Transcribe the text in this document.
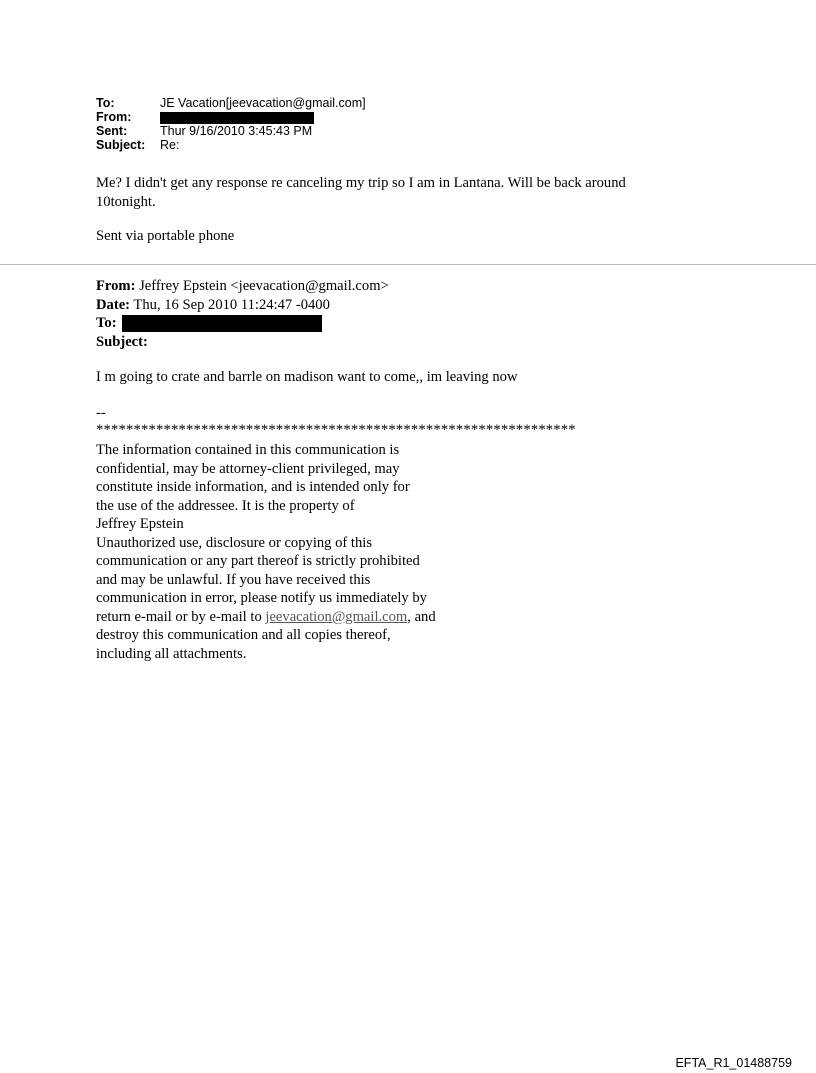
To:	JE Vacation[jeevacation@gmail.com]
From:
Sent:	Thur 9/16/2010 3:45:43 PM
Subject:	Re:
Me? I didn't get any response re canceling my trip so I am in Lantana. Will be back around
10tonight.
Sent via portable phone
From: Jeffrey Epstein <jeevacation@gmail.com>
Date: Thu, 16 Sep 2010 11:24:47 -0400
To:
Subject:
I m going to crate and barrle on madison want to come,, im leaving now
--
****************************************************************
The information contained in this communication is
confidential, may be attorney-client privileged, may
constitute inside information, and is intended only for
the use of the addressee. It is the property of
Jeffrey Epstein
Unauthorized use, disclosure or copying of this
communication or any part thereof is strictly prohibited
and may be unlawful. If you have received this
communication in error, please notify us immediately by
return e-mail or by e-mail to jeevacation@gmail.com, and
destroy this communication and all copies thereof,
including all attachments.
EFTA_R1_01488759
